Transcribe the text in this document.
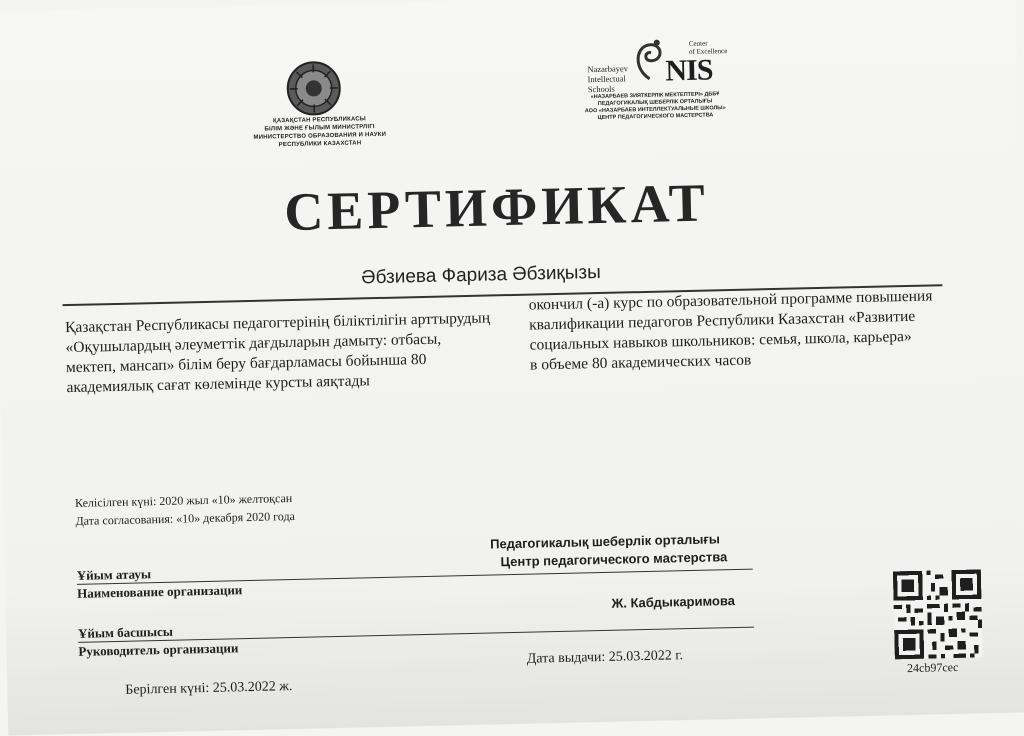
ҚАЗАҚСТАН РЕСПУБЛИКАСЫ
БІЛІМ ЖӘНЕ ҒЫЛЫМ МИНИСТРЛІГІ
МИНИСТЕРСТВО ОБРАЗОВАНИЯ И НАУКИ
РЕСПУБЛИКИ КАЗАХСТАН
Nazarbayev
Intellectual
Schools
NIS
Center
of Excellence
«НАЗАРБАЕВ ЗИЯТКЕРЛІК МЕКТЕПТЕРІ» ДББҰ
ПЕДАГОГИКАЛЫҚ ШЕБЕРЛІК ОРТАЛЫҒЫ
АОО «НАЗАРБАЕВ ИНТЕЛЛЕКТУАЛЬНЫЕ ШКОЛЫ»
ЦЕНТР ПЕДАГОГИЧЕСКОГО МАСТЕРСТВА
СЕРТИФИКАТ
Әбзиева Фариза Әбзиқызы
Қазақстан Республикасы педагогтерінің біліктілігін арттырудың
«Оқушылардың әлеуметтік дағдыларын дамыту: отбасы,
мектеп, мансап» білім беру бағдарламасы бойынша 80
академиялық сағат көлемінде курсты аяқтады
окончил (-а) курс по образовательной программе повышения
квалификации педагогов Республики Казахстан «Развитие
социальных навыков школьников: семья, школа, карьера»
в объеме 80 академических часов
Келісілген күні: 2020 жыл «10» желтоқсан
Дата согласования: «10» декабря 2020 года
Педагогикалық шеберлік орталығы
Центр педагогического мастерства
Ұйым атауы
Наименование организации
Ж. Кабдыкаримова
Ұйым басшысы
Руководитель организации	Дата выдачи: 25.03.2022 г.
Берілген күні: 25.03.2022 ж.
24cb97cec
